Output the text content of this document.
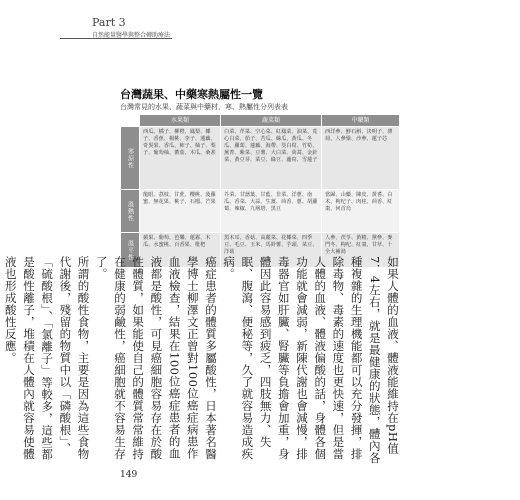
Part 3
自然能量醫學與整合轉助療法
台灣蔬果、中藥寒熱屬性一覽
台灣常見的水果、蔬菜與中藥材，寒、熱屬性分列表表
	水果類	蔬菜類	中藥類
寒涼性	西瓜、橘子、柳橙、鳳梨、椰子、香蕉、楊桃、李子、蓮藕、奇異果、香瓜、柿子、柚子、梨子、葡萄柚、蕃茄、木瓜、桑葚	白菜、芹菜、空心菜、紅鳳菜、油菜、莧心白菜、茄子、苦瓜、絲瓜、黃瓜、冬瓜、蘿蔔、蓮藕、海帶、茭白筍、竹筍、蕪菁、紫菜、豆薯、大白菜、茼蒿、金針菜、黃豆芽、菜豆、綠豆、蘆筍、雪蓮子	西洋參、鮮石斛、決明子、薄荷、人參鬚、沙參、蓮子芯
溫熱性	龍眼、荔枝、甘蔗、櫻桃、菠蘿蜜、無花果、桃子、石榴、芒果	芥菜、甘藷葉、甘藍、韭菜、洋蔥、南瓜、香菜、大蒜、生薑、茴香、蔥、胡蘿蔔、辣椒、九層塔、黑豆	當歸、山藥、陳皮、黃耆、白术、枸杞子、肉桂、茴香、紅棗、何首烏
溫平性	蘋果、葡萄、芭樂、蓮霧、木瓜、水蜜桃、百香果、枇杷	黑木耳、香菇、高麗菜、花椰菜、四季豆、毛豆、玉米、馬鈴薯、芋頭、菜豆、洋菇	人參、茯苓、黃精、黨參、麥門冬、枸杞、紅棗、甘草、十全大補湯

如果人體的血液、體液能維持在pH值7．4左右，就是最健康的狀態，體內各種複雜的生理機能都可以充分發揮，排除毒物、毒素的速度也更快速，但是當人體的血液、體液偏酸的話，身體各個功能就會減弱，新陳代謝也會減慢，排毒器官如肝臟、腎臟等負擔會加重，身體因此容易感到疲乏，四肢無力、失眠、腹瀉、便秘等，久了就容易造成疾病。

癌症患者的體質多屬酸性，日本著名醫學博士柳澤文正曾對100位癌症病患作血液檢查，結果在100位癌症患者的血液都是酸性，可見癌細胞容易存在於酸性體質，如果能使自己的體質常常維持在健康的弱鹼性，癌細胞就不容易生存了。

所謂的酸性食物，主要是因為這些食物代謝後，殘留的物質中以「磷酸根」、「硫酸根」、「氯離子」等較多，這些都是酸性離子，堆積在人體內就容易使體液也形成酸性反應。

149
